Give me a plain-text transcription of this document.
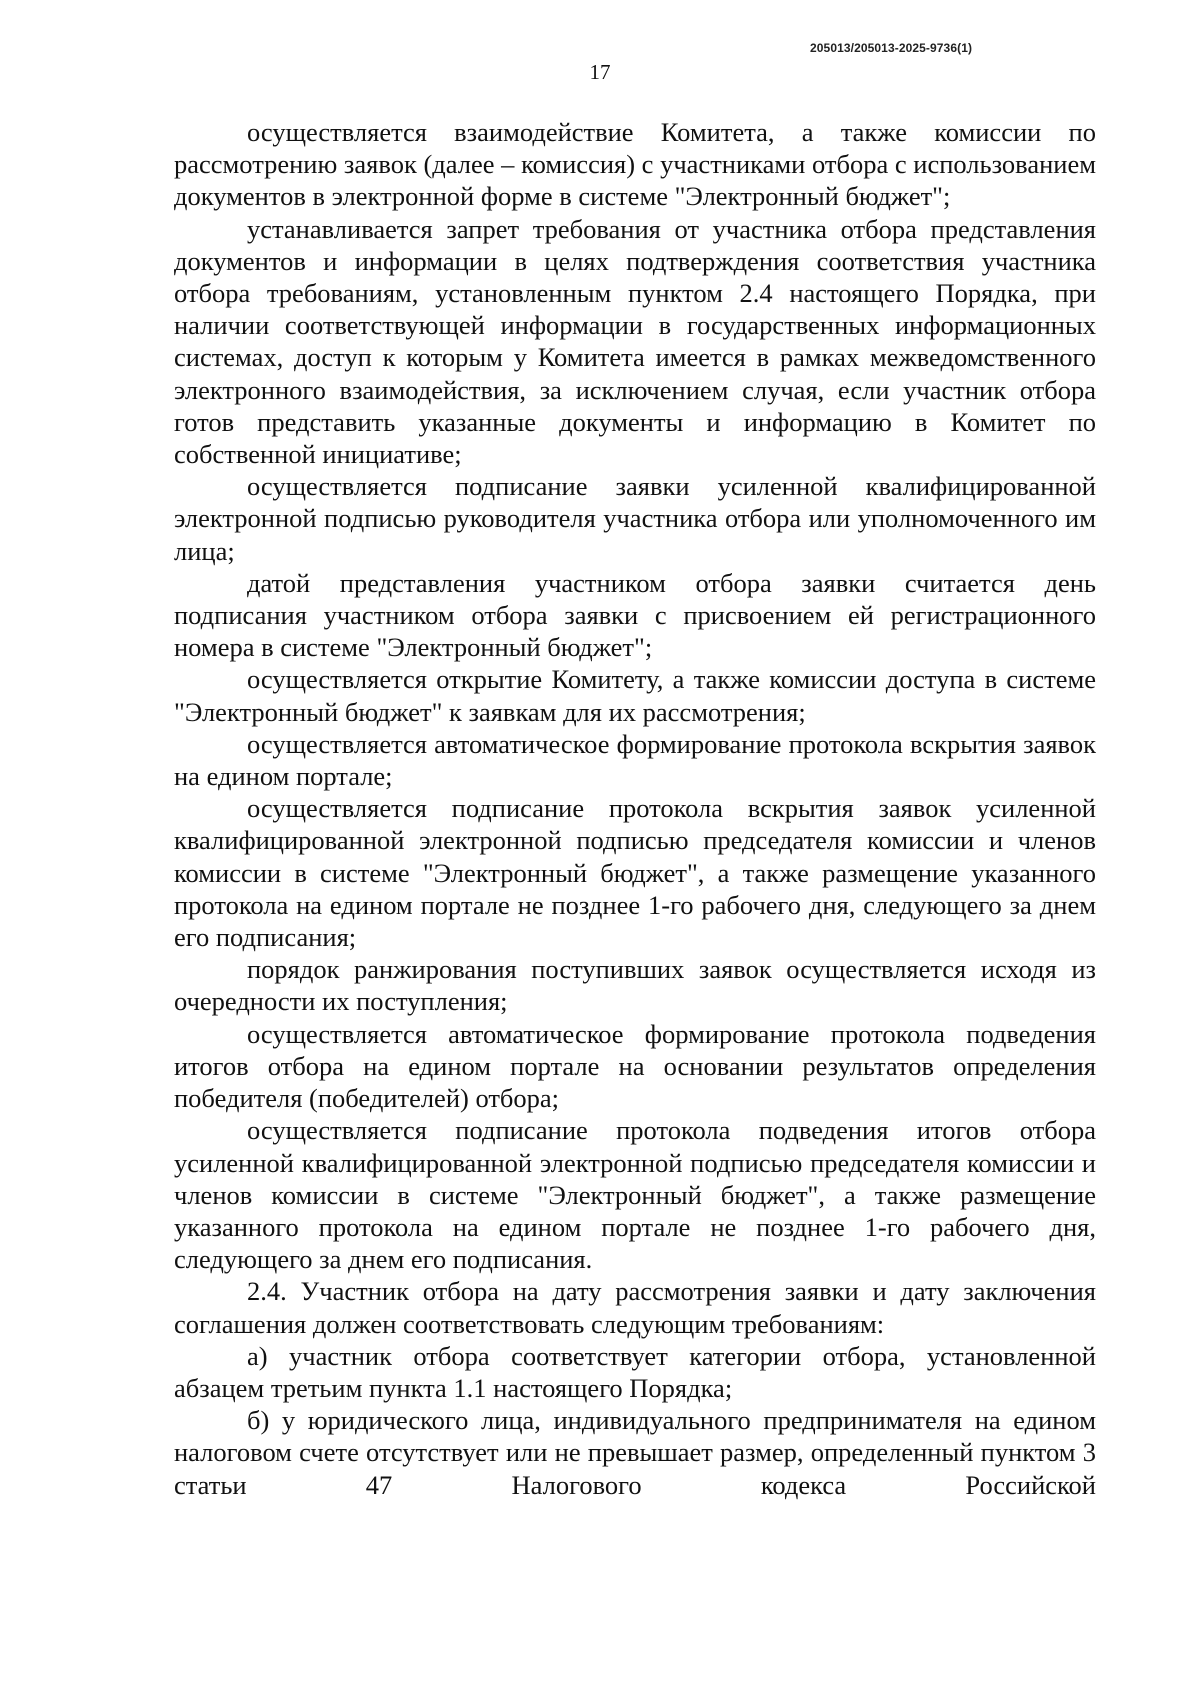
205013/205013-2025-9736(1)
17

осуществляется взаимодействие Комитета, а также комиссии по рассмотрению заявок (далее – комиссия) с участниками отбора с использованием документов в электронной форме в системе "Электронный бюджет";

устанавливается запрет требования от участника отбора представления документов и информации в целях подтверждения соответствия участника отбора требованиям, установленным пунктом 2.4 настоящего Порядка, при наличии соответствующей информации в государственных информационных системах, доступ к которым у Комитета имеется в рамках межведомственного электронного взаимодействия, за исключением случая, если участник отбора готов представить указанные документы и информацию в Комитет по собственной инициативе;

осуществляется подписание заявки усиленной квалифицированной электронной подписью руководителя участника отбора или уполномоченного им лица;

датой представления участником отбора заявки считается день подписания участником отбора заявки с присвоением ей регистрационного номера в системе "Электронный бюджет";

осуществляется открытие Комитету, а также комиссии доступа в системе "Электронный бюджет" к заявкам для их рассмотрения;

осуществляется автоматическое формирование протокола вскрытия заявок на едином портале;

осуществляется подписание протокола вскрытия заявок усиленной квалифицированной электронной подписью председателя комиссии и членов комиссии в системе "Электронный бюджет", а также размещение указанного протокола на едином портале не позднее 1-го рабочего дня, следующего за днем его подписания;

порядок ранжирования поступивших заявок осуществляется исходя из очередности их поступления;

осуществляется автоматическое формирование протокола подведения итогов отбора на едином портале на основании результатов определения победителя (победителей) отбора;

осуществляется подписание протокола подведения итогов отбора усиленной квалифицированной электронной подписью председателя комиссии и членов комиссии в системе "Электронный бюджет", а также размещение указанного протокола на едином портале не позднее 1-го рабочего дня, следующего за днем его подписания.

2.4. Участник отбора на дату рассмотрения заявки и дату заключения соглашения должен соответствовать следующим требованиям:

а) участник отбора соответствует категории отбора, установленной абзацем третьим пункта 1.1 настоящего Порядка;

б) у юридического лица, индивидуального предпринимателя на едином налоговом счете отсутствует или не превышает размер, определенный пунктом 3 статьи 47 Налогового кодекса Российской
